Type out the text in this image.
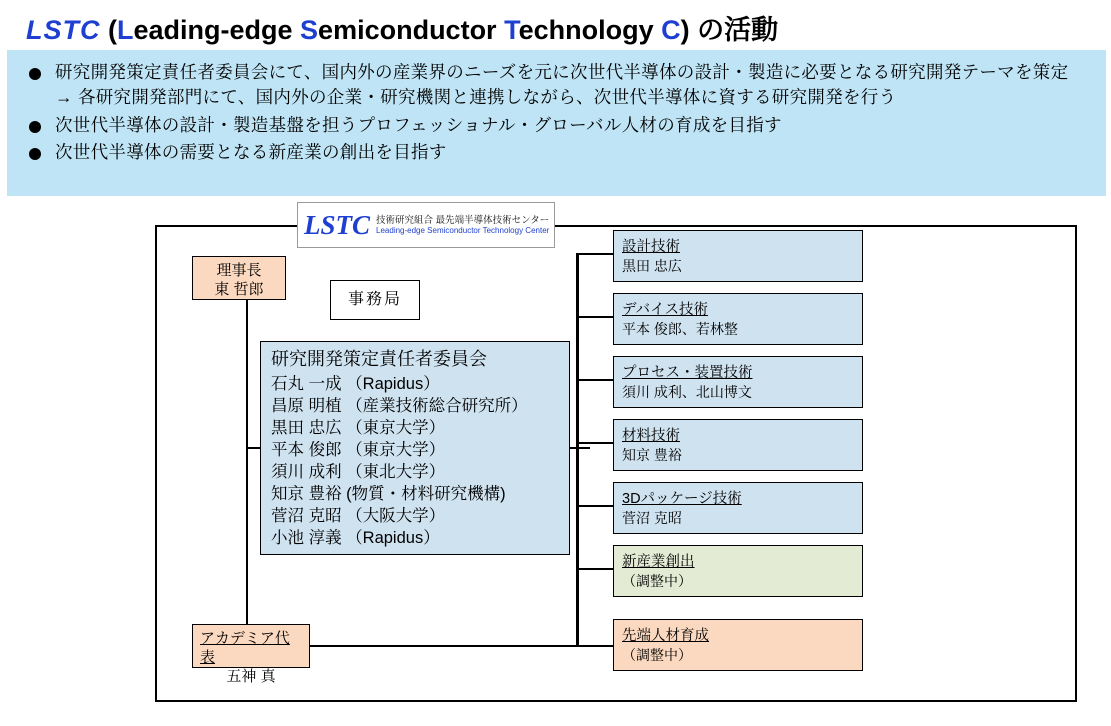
LSTC (Leading-edge Semiconductor Technology C) の活動
研究開発策定責任者委員会にて、国内外の産業界のニーズを元に次世代半導体の設計・製造に必要となる研究開発テーマを策定 → 各研究開発部門にて、国内外の企業・研究機関と連携しながら、次世代半導体に資する研究開発を行う
次世代半導体の設計・製造基盤を担うプロフェッショナル・グローバル人材の育成を目指す
次世代半導体の需要となる新産業の創出を目指す
LSTC 技術研究組合 最先端半導体技術センター
Leading-edge Semiconductor Technology Center
理事長
東 哲郎
事務局
研究開発策定責任者委員会
石丸 一成 （Rapidus）
昌原 明植 （産業技術総合研究所）
黒田 忠広 （東京大学）
平本 俊郎 （東京大学）
須川 成利 （東北大学）
知京 豊裕 (物質・材料研究機構)
菅沼 克昭 （大阪大学）
小池 淳義 （Rapidus）
アカデミア代表
五神 真
設計技術
黒田 忠広
デバイス技術
平本 俊郎、若林整
プロセス・装置技術
須川 成利、北山博文
材料技術
知京 豊裕
3Dパッケージ技術
菅沼 克昭
新産業創出
（調整中）
先端人材育成
（調整中）
